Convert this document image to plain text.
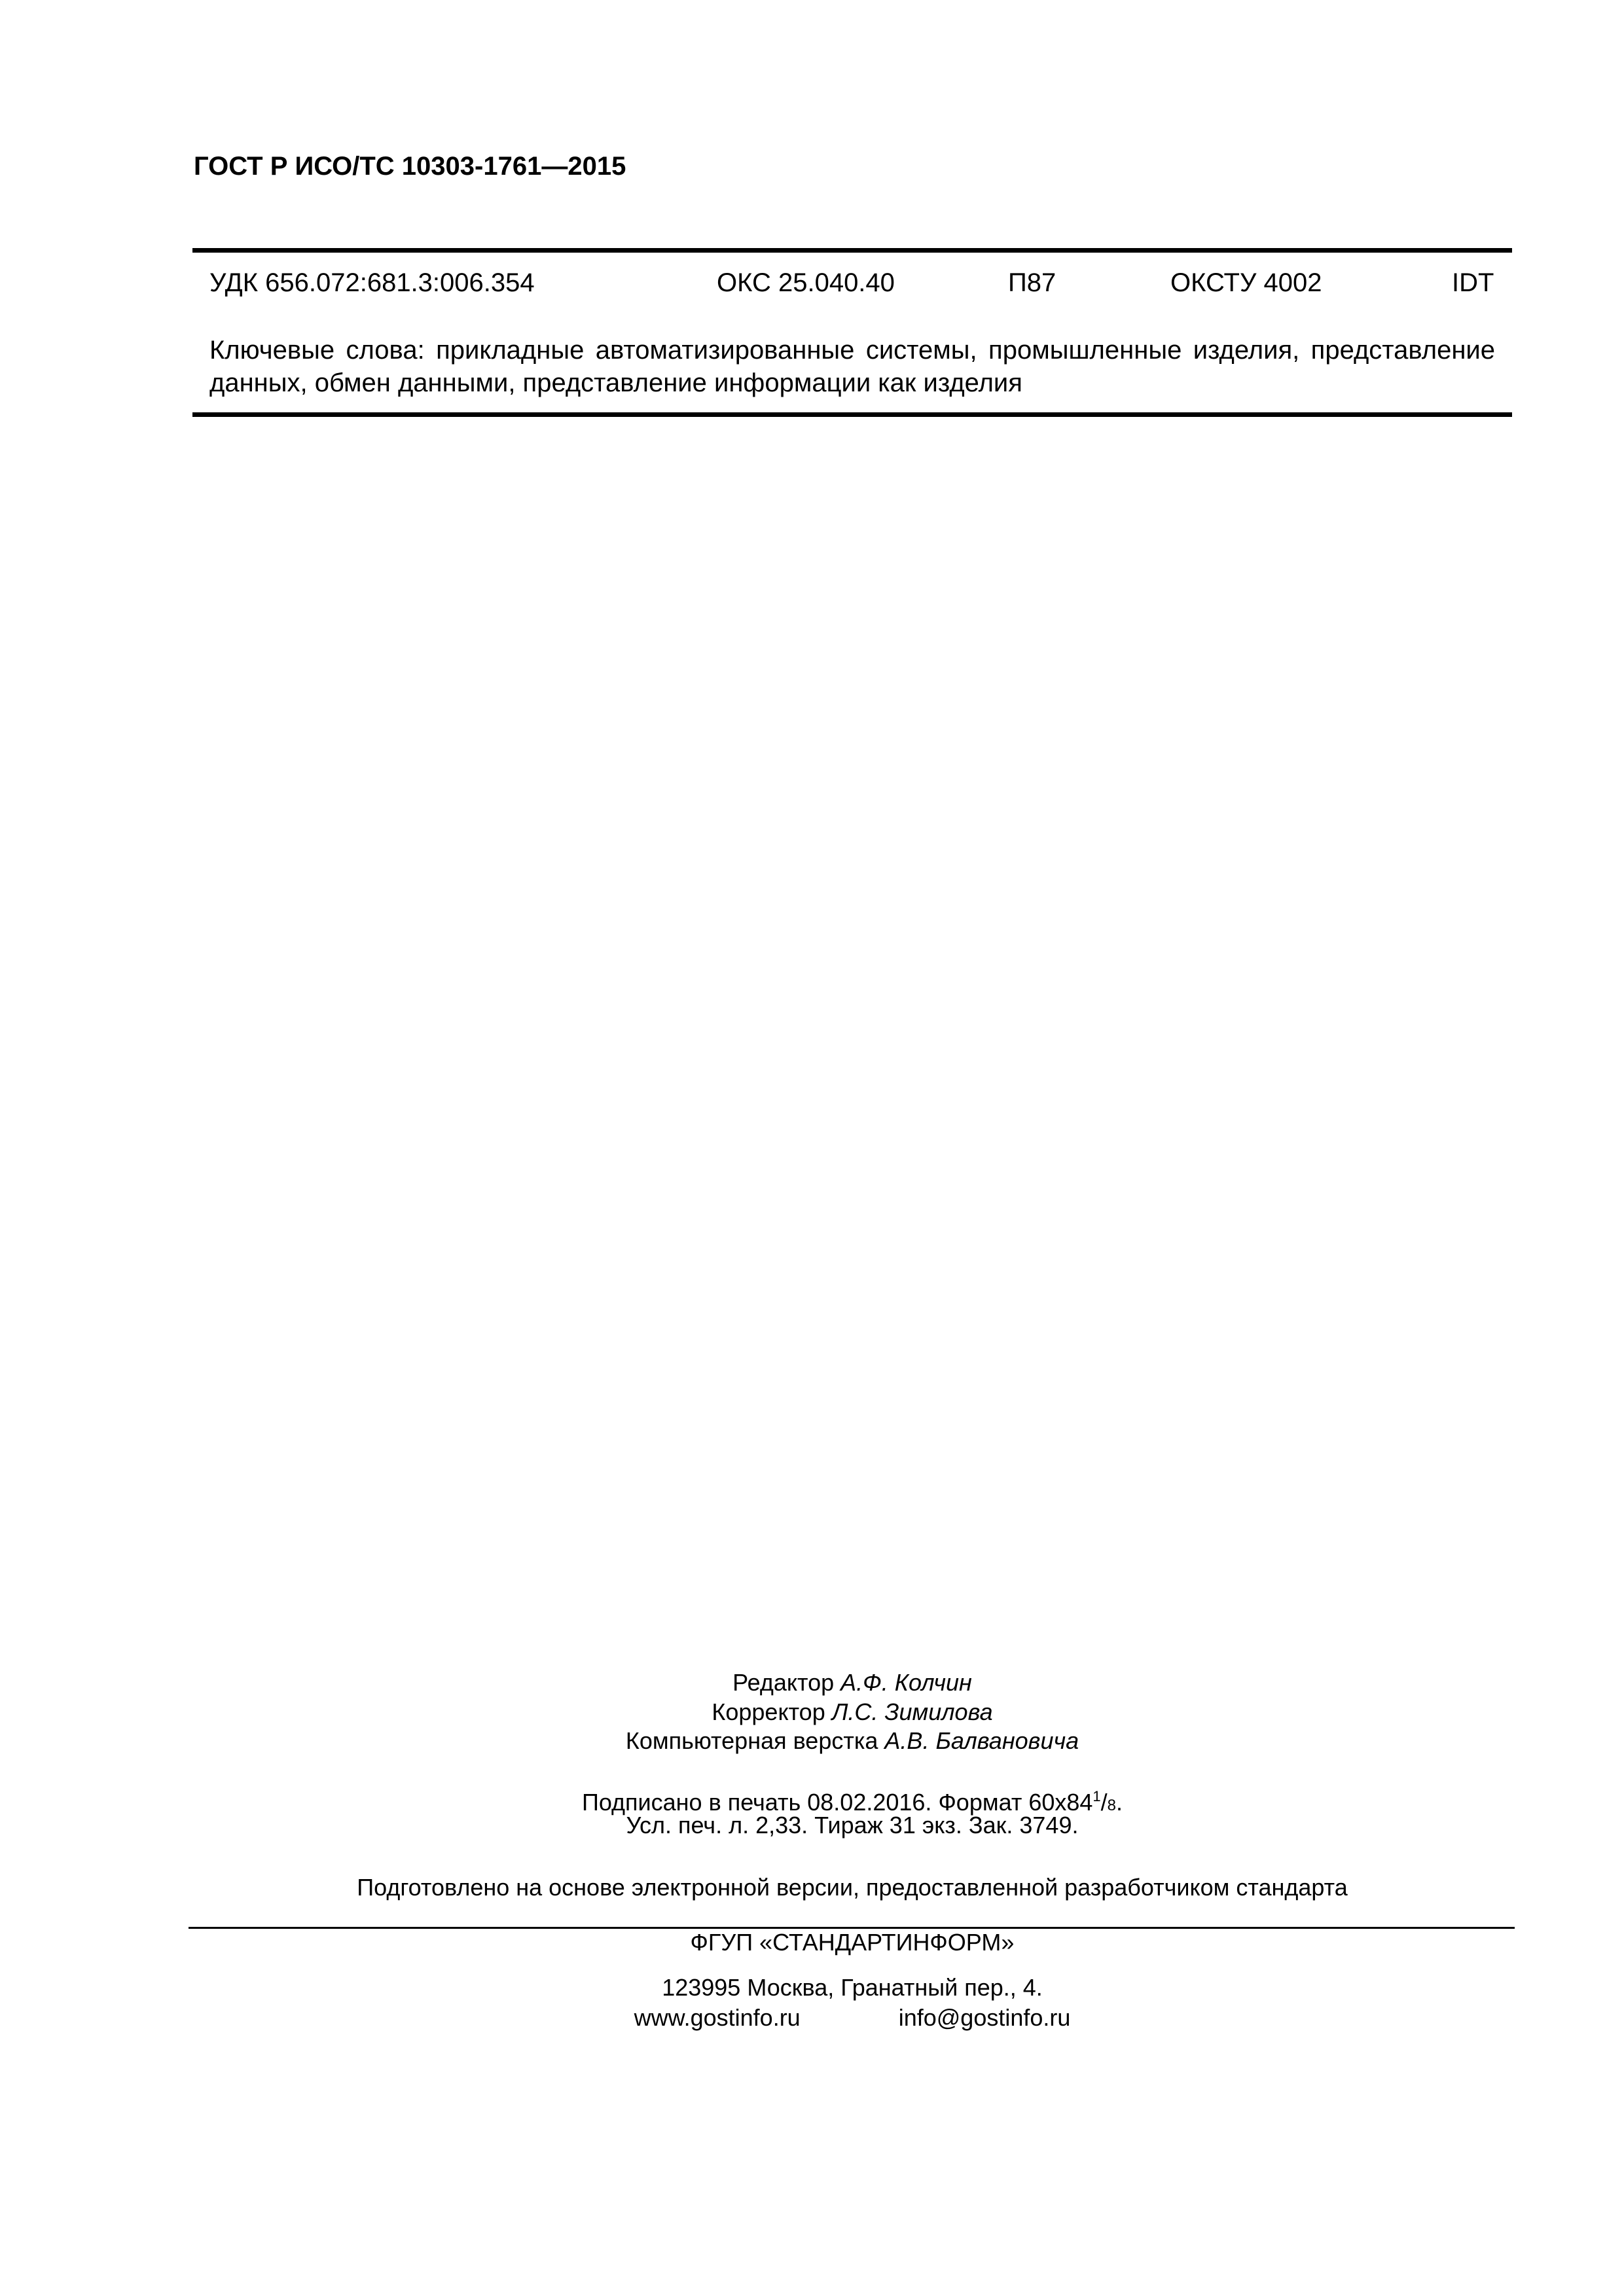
ГОСТ Р ИСО/ТС 10303-1761—2015
УДК 656.072:681.3:006.354	ОКС 25.040.40	П87	ОКСТУ 4002	IDT
Ключевые слова: прикладные автоматизированные системы, промышленные изделия, представление данных, обмен данными, представление информации как изделия
Редактор А.Ф. Колчин
Корректор Л.С. Зимилова
Компьютерная верстка А.В. Балвановича
Подписано в печать 08.02.2016. Формат $60х84^1/8$.
Усл. печ. л. 2,33. Тираж 31 экз. Зак. 3749.
Подготовлено на основе электронной версии, предоставленной разработчиком стандарта
ФГУП «СТАНДАРТИНФОРМ»
123995 Москва, Гранатный пер., 4.
www.gostinfo.ru	info@gostinfo.ru
